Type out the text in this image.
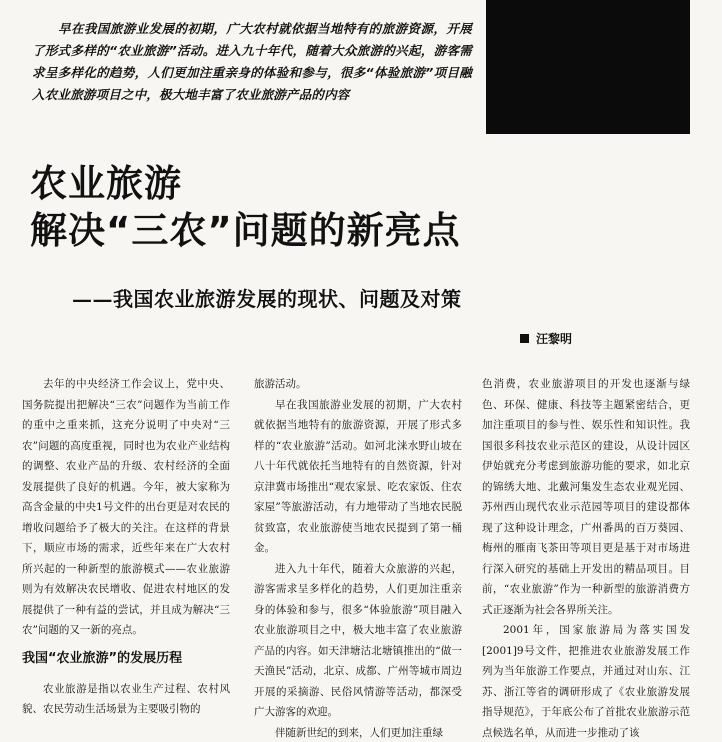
早在我国旅游业发展的初期，广大农村就依据当地特有的旅游资源，开展了形式多样的“农业旅游”活动。进入九十年代，随着大众旅游的兴起，游客需求呈多样化的趋势，人们更加注重亲身的体验和参与，很多“体验旅游”项目融入农业旅游项目之中，极大地丰富了农业旅游产品的内容
农业旅游
解决“三农”问题的新亮点
——我国农业旅游发展的现状、问题及对策
汪黎明

去年的中央经济工作会议上，党中央、国务院提出把解决“三农”问题作为当前工作的重中之重来抓，这充分说明了中央对“三农”问题的高度重视，同时也为农业产业结构的调整、农业产品的升级、农村经济的全面发展提供了良好的机遇。今年，被大家称为高含金量的中央1号文件的出台更是对农民的增收问题给予了极大的关注。在这样的背景下，顺应市场的需求，近些年来在广大农村所兴起的一种新型的旅游模式——农业旅游则为有效解决农民增收、促进农村地区的发展提供了一种有益的尝试，并且成为解决“三农”问题的又一新的亮点。

我国“农业旅游”的发展历程

农业旅游是指以农业生产过程、农村风貌、农民劳动生活场景为主要吸引物的

旅游活动。

早在我国旅游业发展的初期，广大农村就依据当地特有的旅游资源，开展了形式多样的“农业旅游”活动。如河北涞水野山坡在八十年代就依托当地特有的自然资源，针对京津冀市场推出“观农家景、吃农家饭、住农家屋”等旅游活动，有力地带动了当地农民脱贫致富，农业旅游使当地农民提到了第一桶金。

进入九十年代，随着大众旅游的兴起，游客需求呈多样化的趋势，人们更加注重亲身的体验和参与，很多“体验旅游”项目融入农业旅游项目之中，极大地丰富了农业旅游产品的内容。如天津塘沽北塘镇推出的“做一天渔民”活动，北京、成都、广州等城市周边开展的采摘游、民俗风情游等活动，都深受广大游客的欢迎。

伴随新世纪的到来，人们更加注重绿

色消费，农业旅游项目的开发也逐渐与绿色、环保、健康、科技等主题紧密结合，更加注重项目的参与性、娱乐性和知识性。我国很多科技农业示范区的建设，从设计园区伊始就充分考虑到旅游功能的要求，如北京的锦绣大地、北戴河集发生态农业观光园、苏州西山现代农业示范园等项目的建设都体现了这种设计理念，广州番禺的百万葵园、梅州的雁南飞茶田等项目更是基于对市场进行深入研究的基础上开发出的精品项目。目前，“农业旅游”作为一种新型的旅游消费方式正逐渐为社会各界所关注。

2001年，国家旅游局为落实国发[2001]9号文件，把推进农业旅游发展工作列为当年旅游工作要点，并通过对山东、江苏、浙江等省的调研形成了《农业旅游发展指导规范》，于年底公布了首批农业旅游示范点候选名单，从而进一步推动了该
